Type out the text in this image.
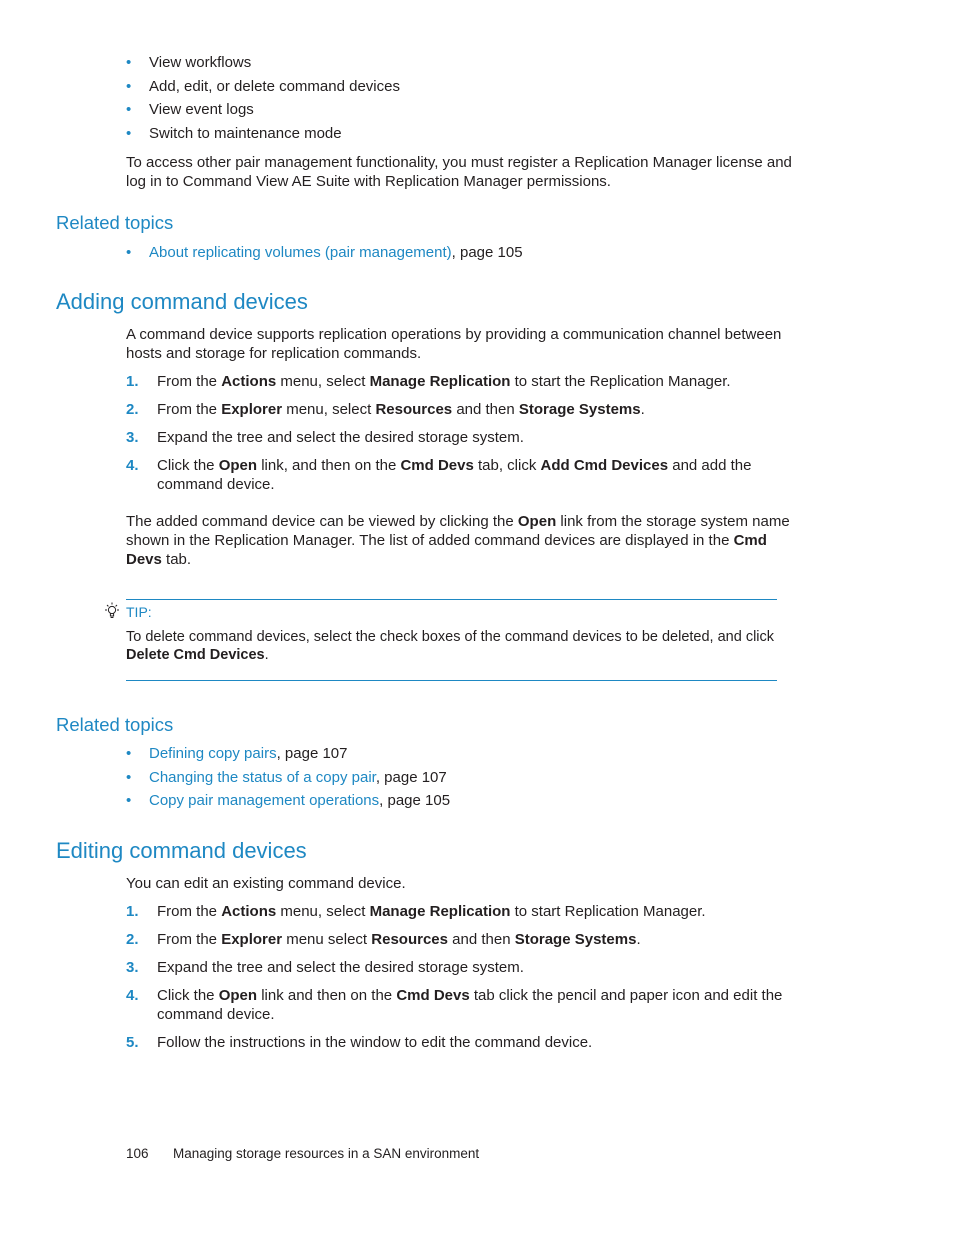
• View workflows
• Add, edit, or delete command devices
• View event logs
• Switch to maintenance mode
To access other pair management functionality, you must register a Replication Manager license and log in to Command View AE Suite with Replication Manager permissions.
Related topics
• About replicating volumes (pair management), page 105
Adding command devices
A command device supports replication operations by providing a communication channel between hosts and storage for replication commands.
1. From the Actions menu, select Manage Replication to start the Replication Manager.
2. From the Explorer menu, select Resources and then Storage Systems.
3. Expand the tree and select the desired storage system.
4. Click the Open link, and then on the Cmd Devs tab, click Add Cmd Devices and add the command device.
The added command device can be viewed by clicking the Open link from the storage system name shown in the Replication Manager. The list of added command devices are displayed in the Cmd Devs tab.
TIP:
To delete command devices, select the check boxes of the command devices to be deleted, and click Delete Cmd Devices.
Related topics
• Defining copy pairs, page 107
• Changing the status of a copy pair, page 107
• Copy pair management operations, page 105
Editing command devices
You can edit an existing command device.
1. From the Actions menu, select Manage Replication to start Replication Manager.
2. From the Explorer menu select Resources and then Storage Systems.
3. Expand the tree and select the desired storage system.
4. Click the Open link and then on the Cmd Devs tab click the pencil and paper icon and edit the command device.
5. Follow the instructions in the window to edit the command device.
106 Managing storage resources in a SAN environment
